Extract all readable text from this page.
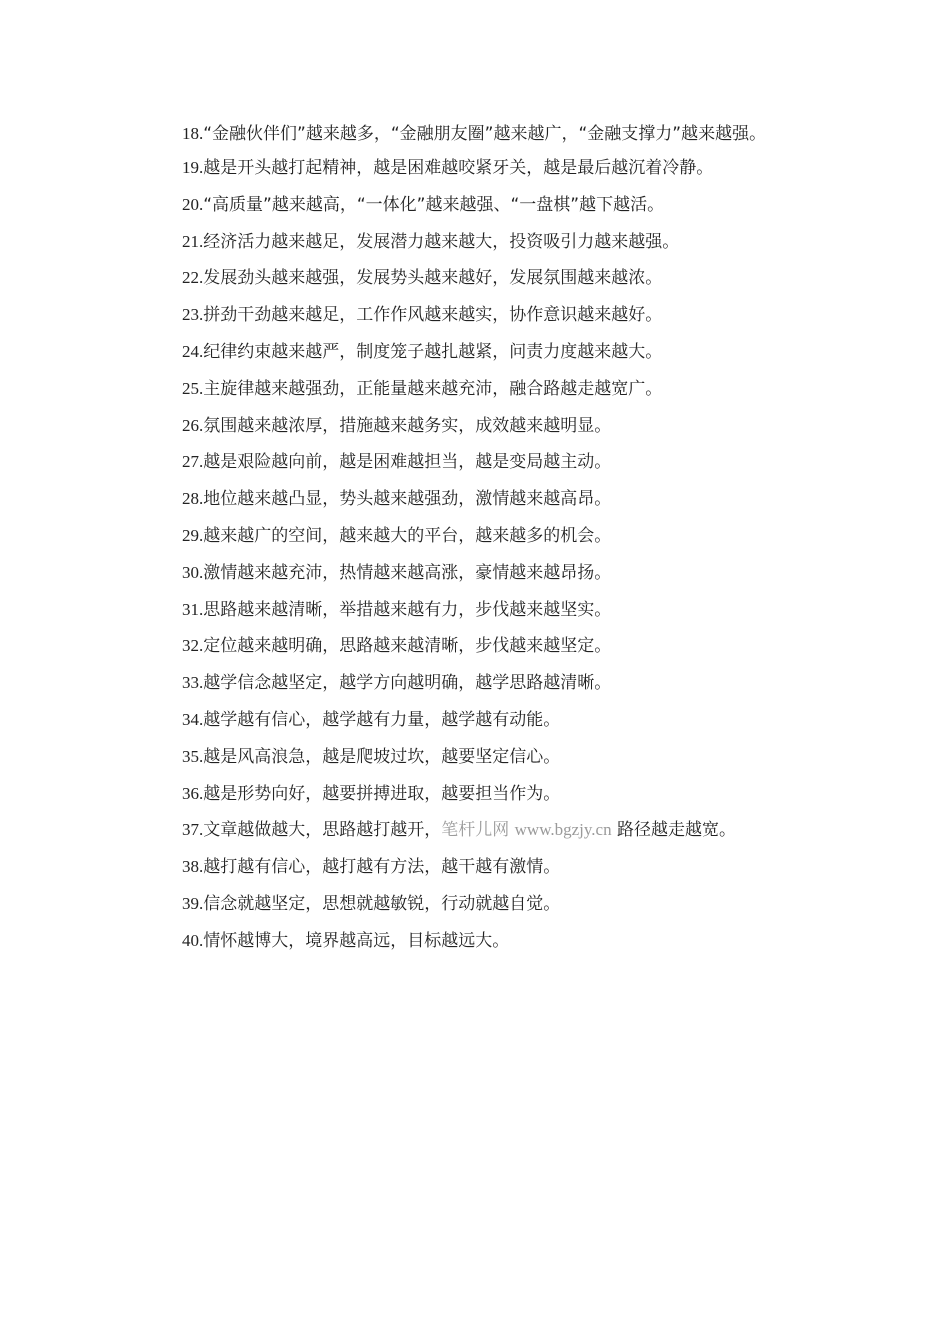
18.“金融伙伴们”越来越多，“金融朋友圈”越来越广，“金融支撑力”越来越强。

19.越是开头越打起精神，越是困难越咬紧牙关，越是最后越沉着冷静。

20.“高质量”越来越高，“一体化”越来越强、“一盘棋”越下越活。

21.经济活力越来越足，发展潜力越来越大，投资吸引力越来越强。

22.发展劲头越来越强，发展势头越来越好，发展氛围越来越浓。

23.拼劲干劲越来越足，工作作风越来越实，协作意识越来越好。

24.纪律约束越来越严，制度笼子越扎越紧，问责力度越来越大。

25.主旋律越来越强劲，正能量越来越充沛，融合路越走越宽广。

26.氛围越来越浓厚，措施越来越务实，成效越来越明显。

27.越是艰险越向前，越是困难越担当，越是变局越主动。

28.地位越来越凸显，势头越来越强劲，激情越来越高昂。

29.越来越广的空间，越来越大的平台，越来越多的机会。

30.激情越来越充沛，热情越来越高涨，豪情越来越昂扬。

31.思路越来越清晰，举措越来越有力，步伐越来越坚实。

32.定位越来越明确，思路越来越清晰，步伐越来越坚定。

33.越学信念越坚定，越学方向越明确，越学思路越清晰。

34.越学越有信心，越学越有力量，越学越有动能。

35.越是风高浪急，越是爬坡过坎，越要坚定信心。

36.越是形势向好，越要拼搏进取，越要担当作为。

37.文章越做越大，思路越打越开，笔杆儿网 www.bgzjy.cn 路径越走越宽。

38.越打越有信心，越打越有方法，越干越有激情。

39.信念就越坚定，思想就越敏锐，行动就越自觉。

40.情怀越博大，境界越高远，目标越远大。
